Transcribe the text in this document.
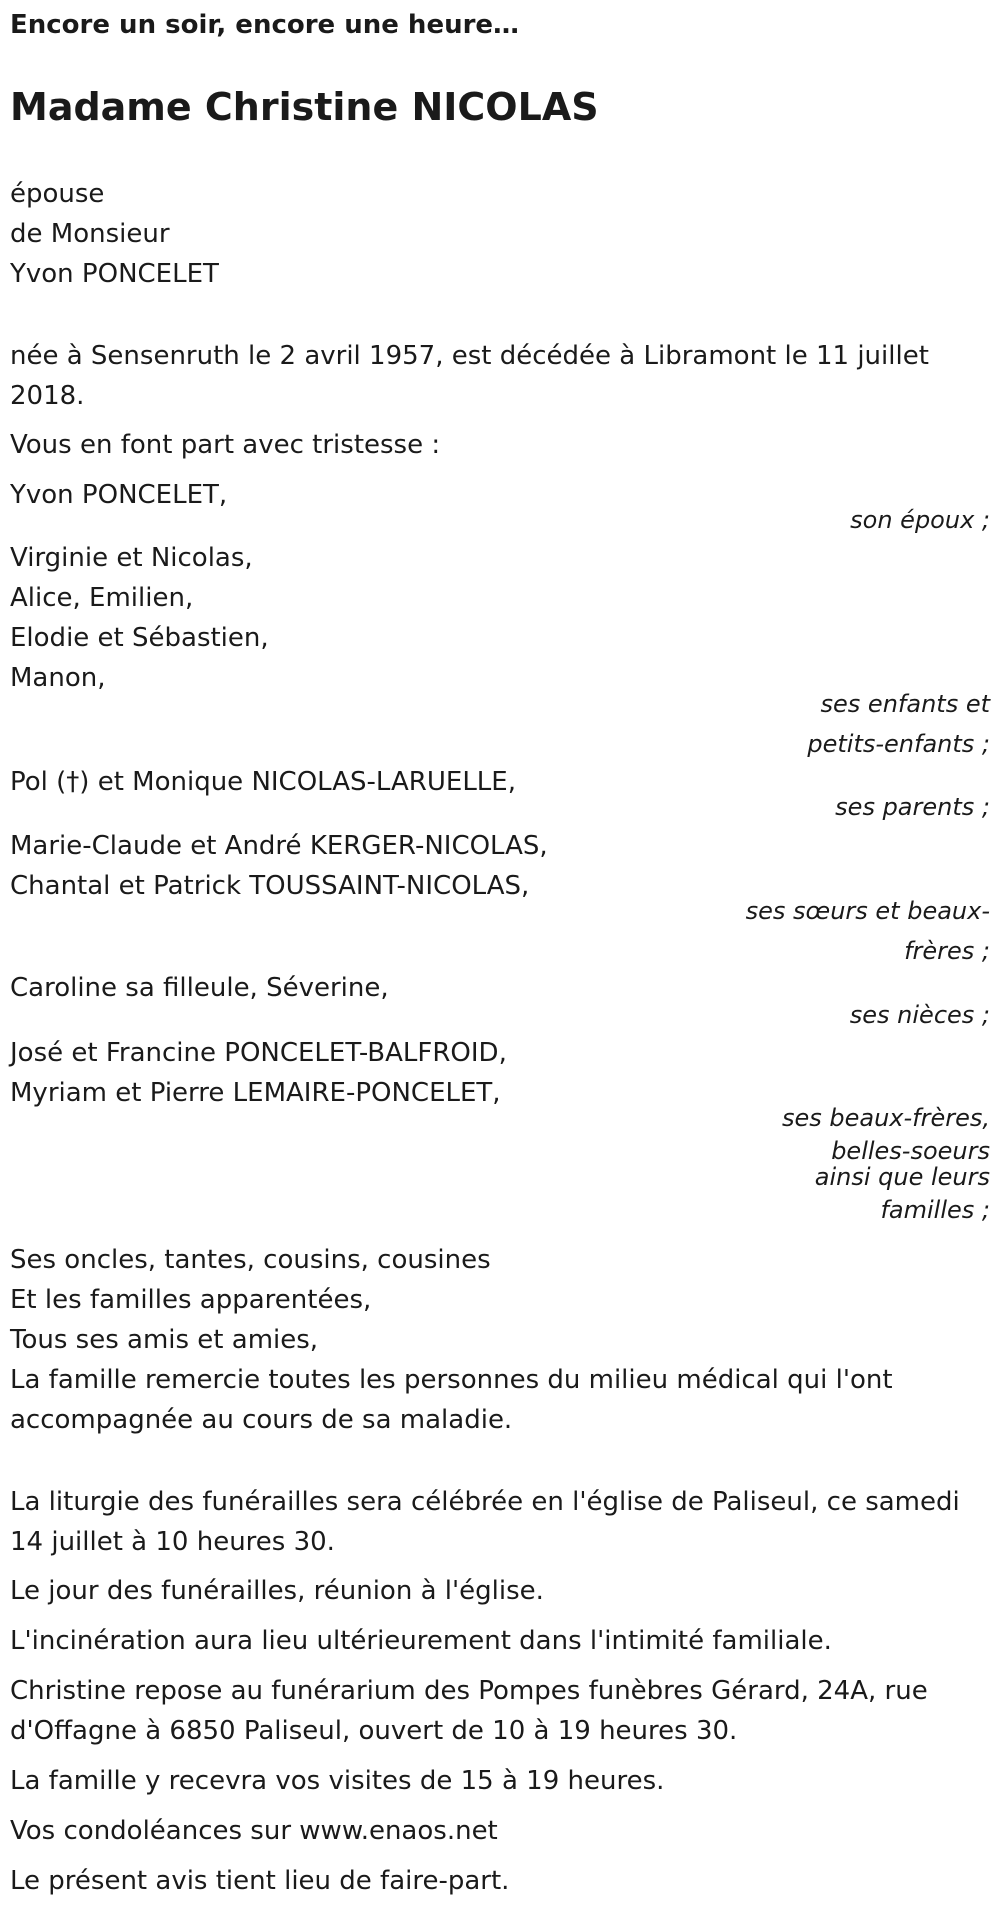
Encore un soir, encore une heure…
Madame Christine NICOLAS
épouse
de Monsieur
Yvon PONCELET
née à Sensenruth le 2 avril 1957, est décédée à Libramont le 11 juillet
2018.
Vous en font part avec tristesse :
Yvon PONCELET,
son époux ;
Virginie et Nicolas,
Alice, Emilien,
Elodie et Sébastien,
Manon,
ses enfants et
petits-enfants ;
Pol (†) et Monique NICOLAS-LARUELLE,
ses parents ;
Marie-Claude et André KERGER-NICOLAS,
Chantal et Patrick TOUSSAINT-NICOLAS,
ses sœurs et beaux-
frères ;
Caroline sa filleule, Séverine,
ses nièces ;
José et Francine PONCELET-BALFROID,
Myriam et Pierre LEMAIRE-PONCELET,
ses beaux-frères,
belles-soeurs
ainsi que leurs
familles ;
Ses oncles, tantes, cousins, cousines
Et les familles apparentées,
Tous ses amis et amies,
La famille remercie toutes les personnes du milieu médical qui l'ont
accompagnée au cours de sa maladie.
La liturgie des funérailles sera célébrée en l'église de Paliseul, ce samedi
14 juillet à 10 heures 30.
Le jour des funérailles, réunion à l'église.
L'incinération aura lieu ultérieurement dans l'intimité familiale.
Christine repose au funérarium des Pompes funèbres Gérard, 24A, rue
d'Offagne à 6850 Paliseul, ouvert de 10 à 19 heures 30.
La famille y recevra vos visites de 15 à 19 heures.
Vos condoléances sur www.enaos.net
Le présent avis tient lieu de faire-part.
